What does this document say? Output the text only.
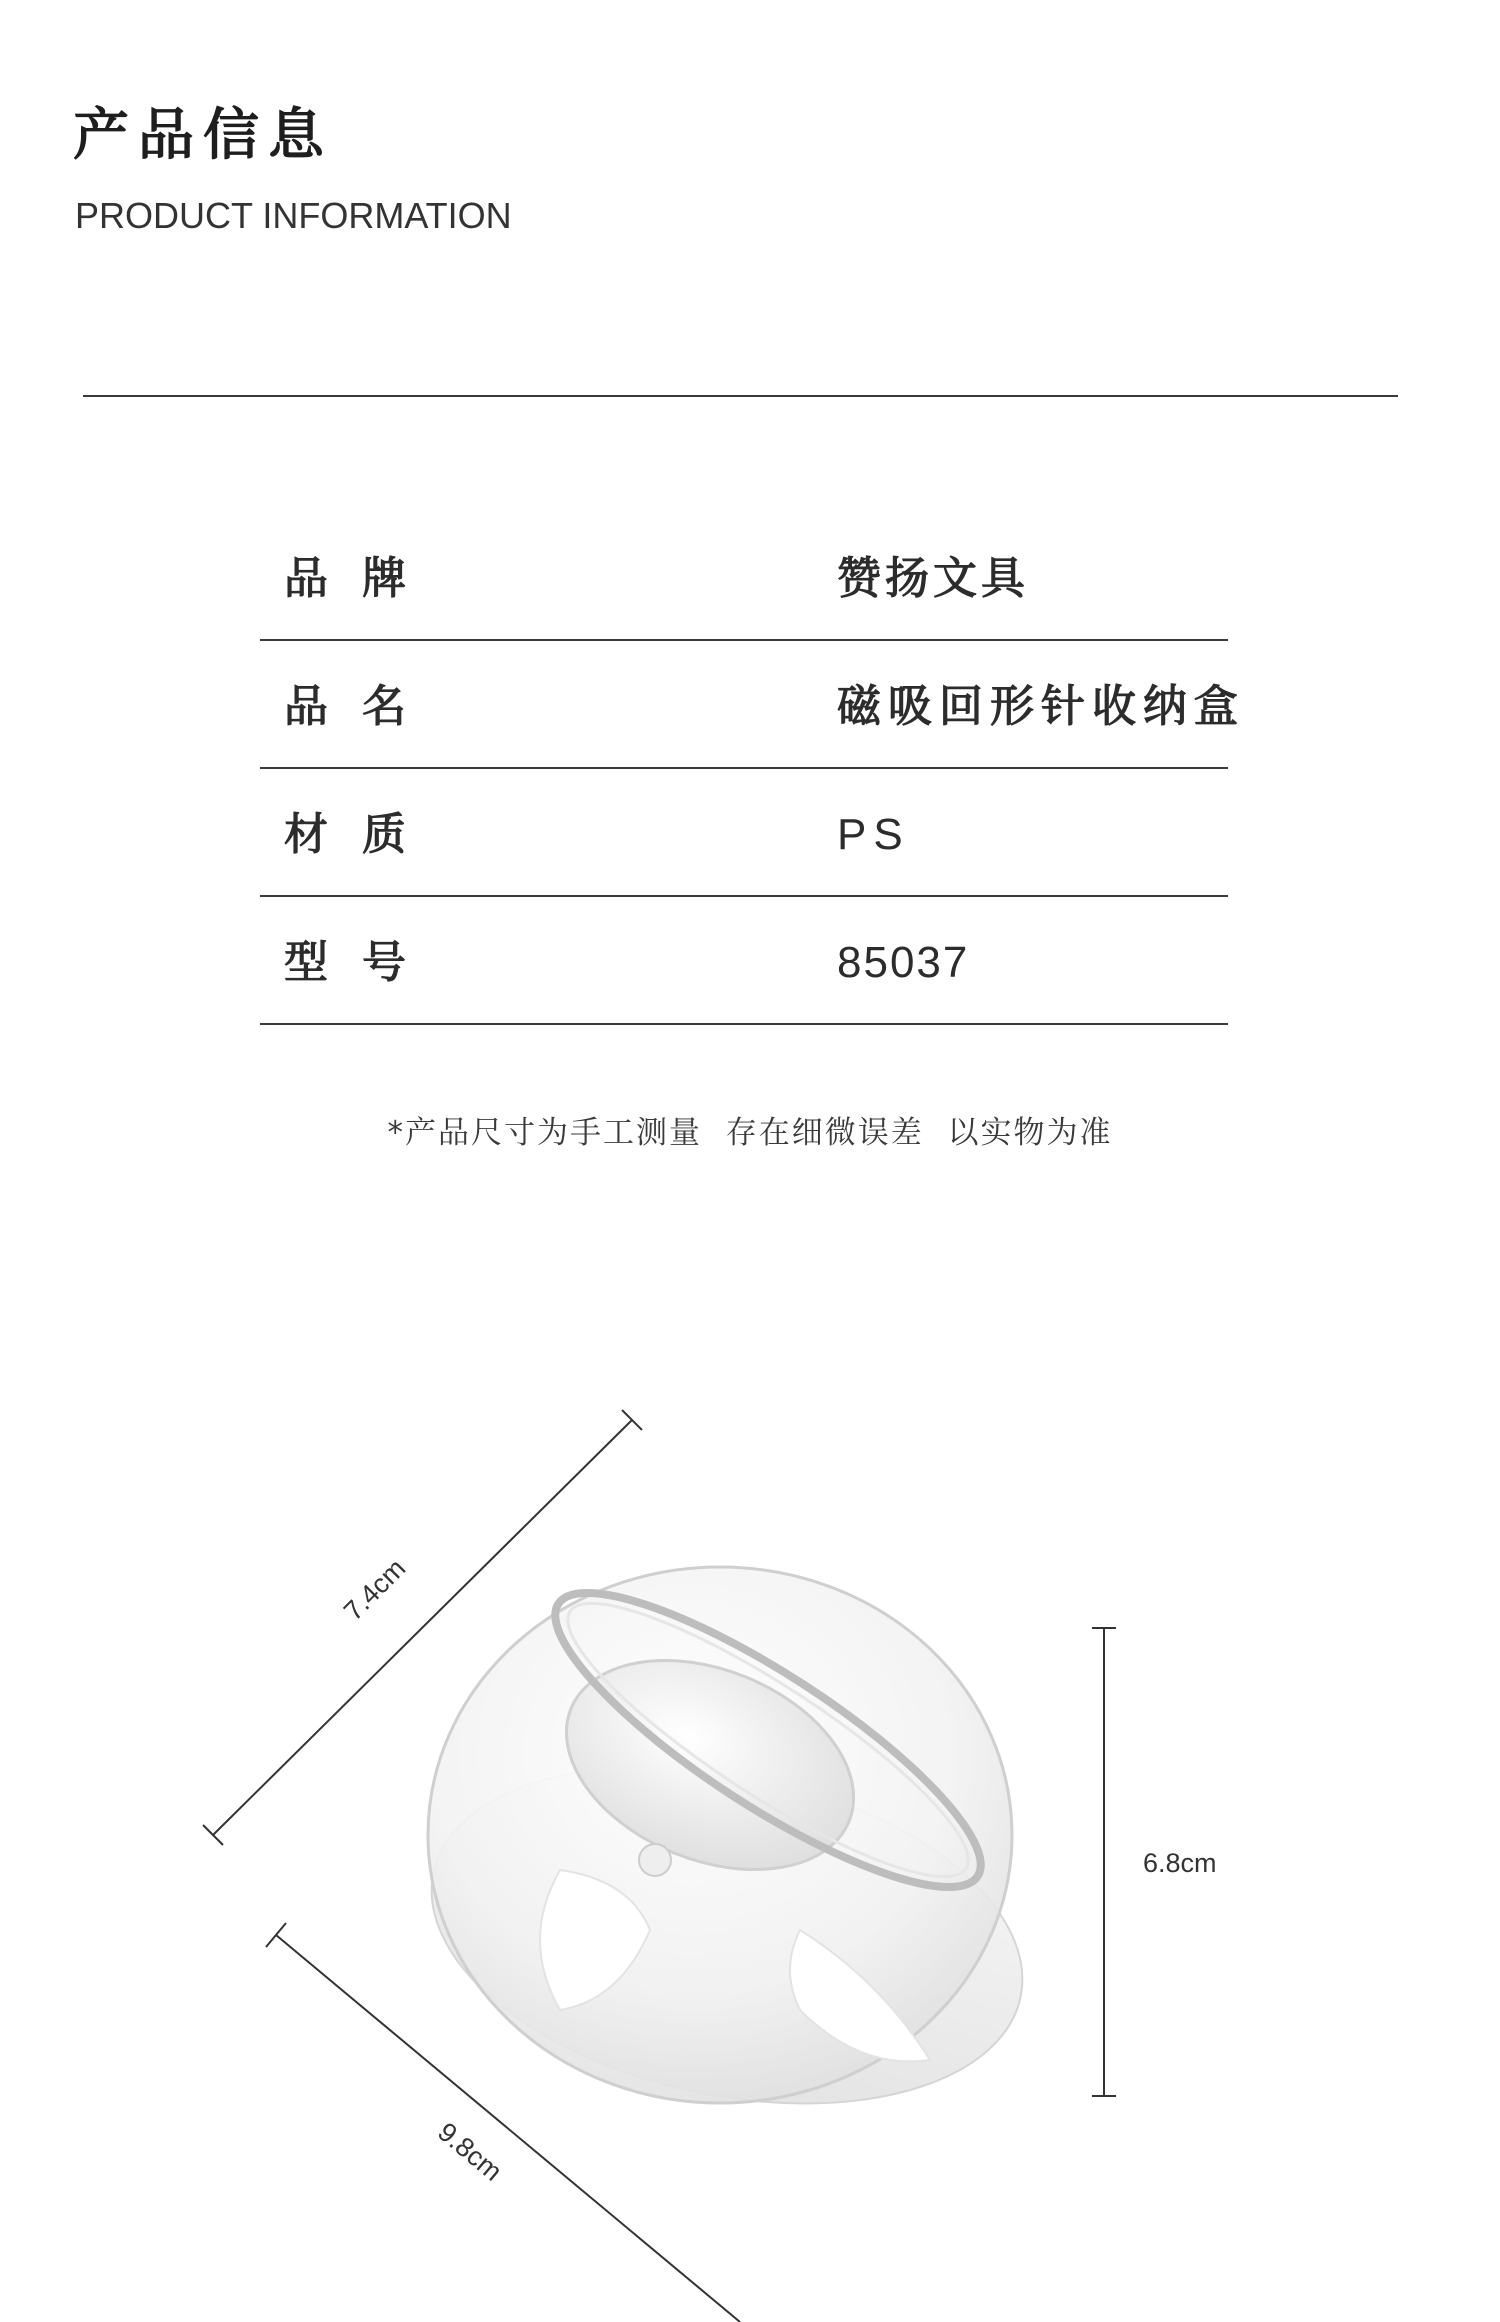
产品信息
PRODUCT INFORMATION
品牌	赞扬文具
品名	磁吸回形针收纳盒
材质	PS
型号	85037
*产品尺寸为手工测量  存在细微误差  以实物为准
7.4cm
6.8cm
9.8cm
